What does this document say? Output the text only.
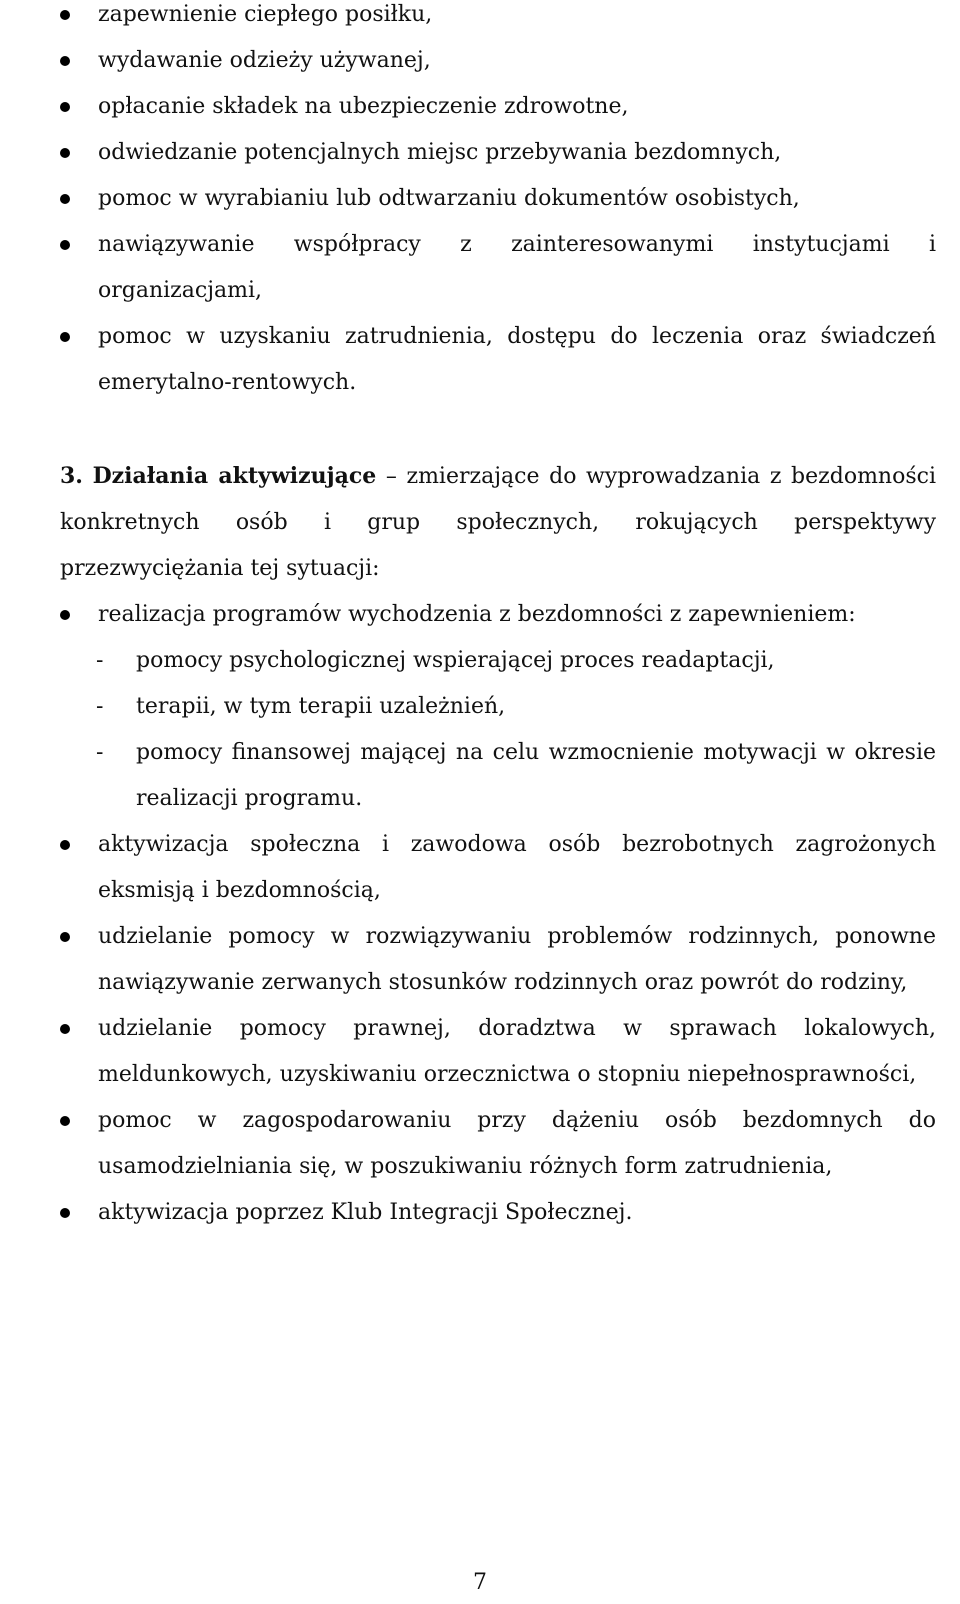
zapewnienie ciepłego posiłku,
wydawanie odzieży używanej,
opłacanie składek na ubezpieczenie zdrowotne,
odwiedzanie potencjalnych miejsc przebywania bezdomnych,
pomoc w wyrabianiu lub odtwarzaniu dokumentów osobistych,
nawiązywanie współpracy z zainteresowanymi instytucjami i organizacjami,
pomoc w uzyskaniu zatrudnienia, dostępu do leczenia oraz świadczeń emerytalno-rentowych.
3. Działania aktywizujące – zmierzające do wyprowadzania z bezdomności konkretnych osób i grup społecznych, rokujących perspektywy przezwyciężania tej sytuacji:
realizacja programów wychodzenia z bezdomności z zapewnieniem:
- pomocy psychologicznej wspierającej proces readaptacji,
- terapii, w tym terapii uzależnień,
- pomocy finansowej mającej na celu wzmocnienie motywacji w okresie realizacji programu.
aktywizacja społeczna i zawodowa osób bezrobotnych zagrożonych eksmisją i bezdomnością,
udzielanie pomocy w rozwiązywaniu problemów rodzinnych, ponowne nawiązywanie zerwanych stosunków rodzinnych oraz powrót do rodziny,
udzielanie pomocy prawnej, doradztwa w sprawach lokalowych, meldunkowych, uzyskiwaniu orzecznictwa o stopniu niepełnosprawności,
pomoc w zagospodarowaniu przy dążeniu osób bezdomnych do usamodzielniania się, w poszukiwaniu różnych form zatrudnienia,
aktywizacja poprzez Klub Integracji Społecznej.
7
